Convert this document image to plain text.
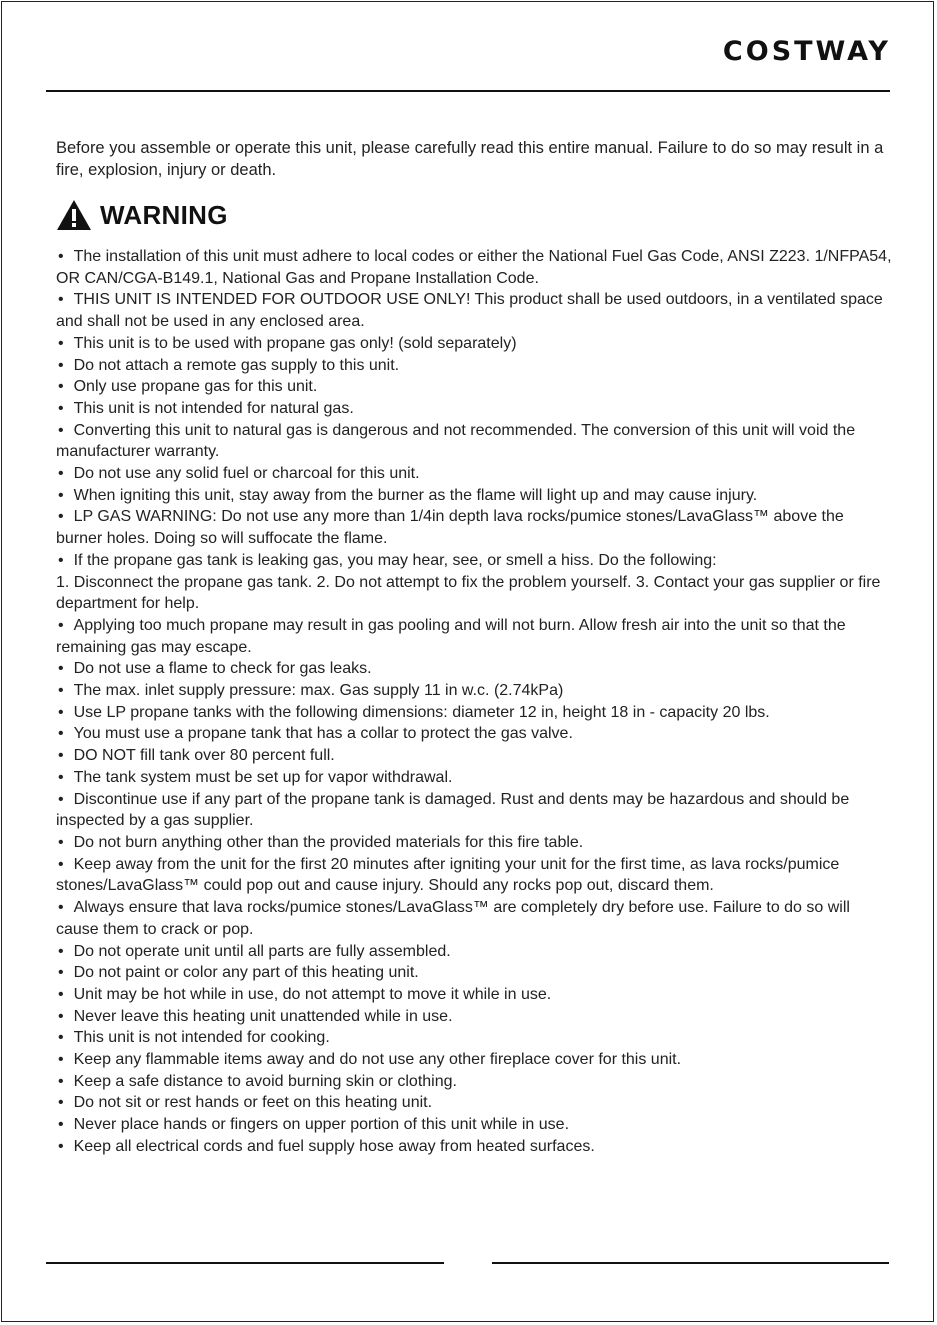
COSTWAY
Before you assemble or operate this unit, please carefully read this entire manual. Failure to do so may result in a fire, explosion, injury or death.
WARNING

• The installation of this unit must adhere to local codes or either the National Fuel Gas Code, ANSI Z223. 1/NFPA54, OR CAN/CGA-B149.1, National Gas and Propane Installation Code.

• THIS UNIT IS INTENDED FOR OUTDOOR USE ONLY! This product shall be used outdoors, in a ventilated space and shall not be used in any enclosed area.

• This unit is to be used with propane gas only! (sold separately)

• Do not attach a remote gas supply to this unit.

• Only use propane gas for this unit.

• This unit is not intended for natural gas.

• Converting this unit to natural gas is dangerous and not recommended. The conversion of this unit will void the manufacturer warranty.

• Do not use any solid fuel or charcoal for this unit.

• When igniting this unit, stay away from the burner as the flame will light up and may cause injury.

• LP GAS WARNING: Do not use any more than 1/4in depth lava rocks/pumice stones/LavaGlass™ above the burner holes. Doing so will suffocate the flame.

• If the propane gas tank is leaking gas, you may hear, see, or smell a hiss. Do the following:

1. Disconnect the propane gas tank. 2. Do not attempt to fix the problem yourself. 3. Contact your gas supplier or fire department for help.

• Applying too much propane may result in gas pooling and will not burn. Allow fresh air into the unit so that the remaining gas may escape.

• Do not use a flame to check for gas leaks.

• The max. inlet supply pressure: max. Gas supply 11 in w.c. (2.74kPa)

• Use LP propane tanks with the following dimensions: diameter 12 in, height 18 in - capacity 20 lbs.

• You must use a propane tank that has a collar to protect the gas valve.

• DO NOT fill tank over 80 percent full.

• The tank system must be set up for vapor withdrawal.

• Discontinue use if any part of the propane tank is damaged. Rust and dents may be hazardous and should be inspected by a gas supplier.

• Do not burn anything other than the provided materials for this fire table.

• Keep away from the unit for the first 20 minutes after igniting your unit for the first time, as lava rocks/pumice stones/LavaGlass™ could pop out and cause injury. Should any rocks pop out, discard them.

• Always ensure that lava rocks/pumice stones/LavaGlass™ are completely dry before use. Failure to do so will cause them to crack or pop.

• Do not operate unit until all parts are fully assembled.

• Do not paint or color any part of this heating unit.

• Unit may be hot while in use, do not attempt to move it while in use.

• Never leave this heating unit unattended while in use.

• This unit is not intended for cooking.

• Keep any flammable items away and do not use any other fireplace cover for this unit.

• Keep a safe distance to avoid burning skin or clothing.

• Do not sit or rest hands or feet on this heating unit.

• Never place hands or fingers on upper portion of this unit while in use.

• Keep all electrical cords and fuel supply hose away from heated surfaces.
